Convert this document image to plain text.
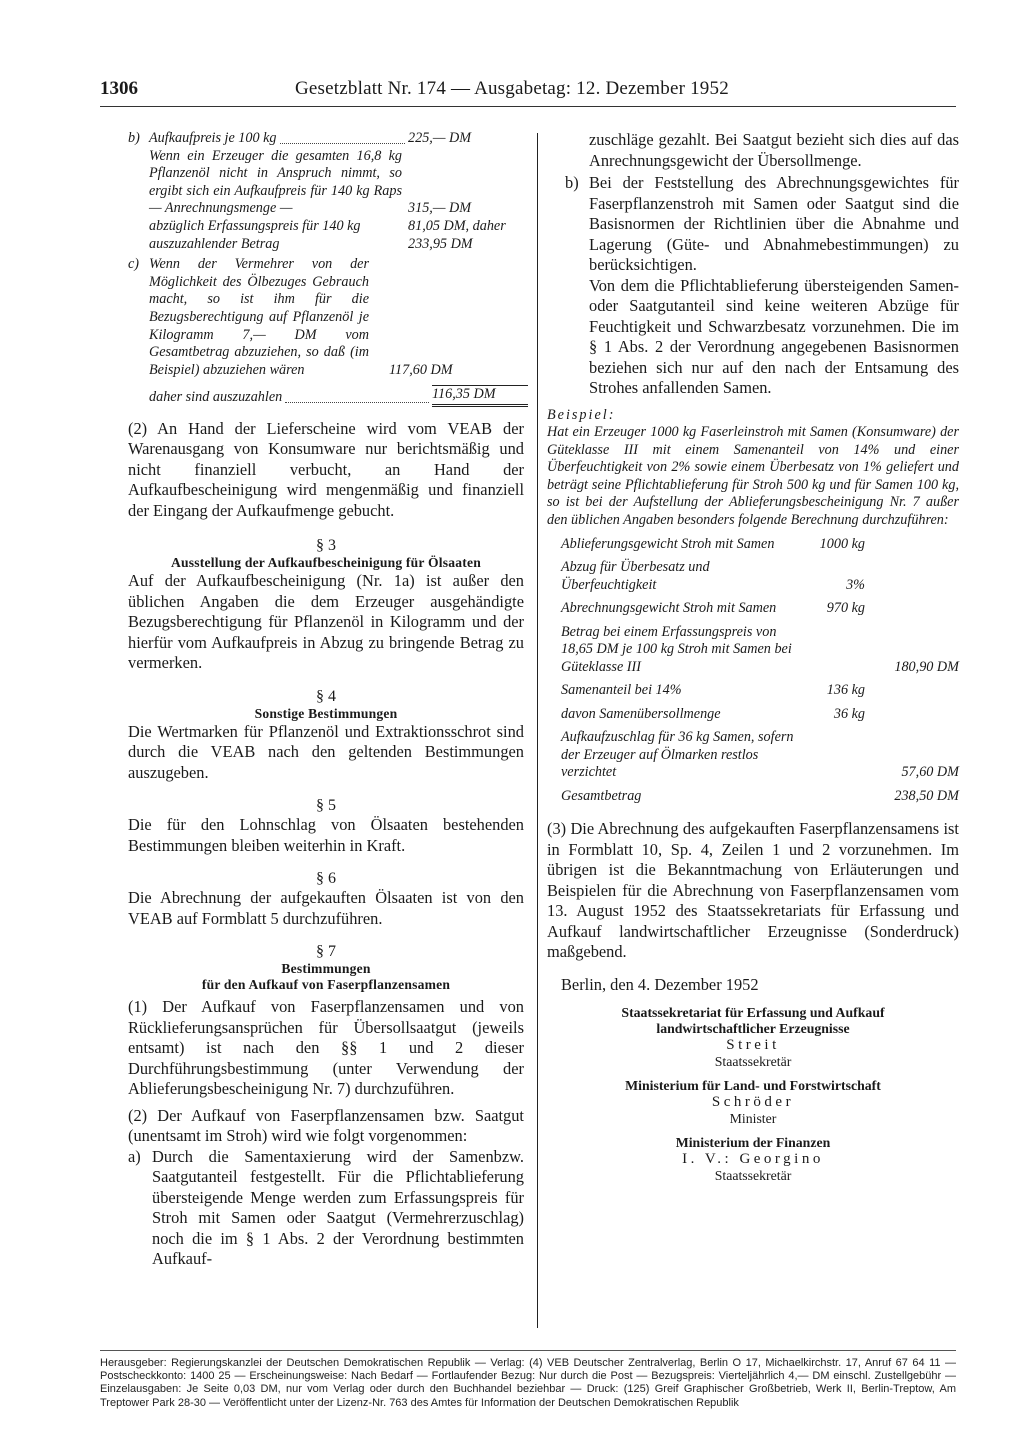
1306	Gesetzblatt Nr. 174 — Ausgabetag: 12. Dezember 1952
b) Aufkaufpreis je 100 kg	225,— DM
Wenn ein Erzeuger die gesamten 16,8 kg Pflanzenöl nicht in Anspruch nimmt, so ergibt sich ein Aufkaufpreis für 140 kg Raps — Anrechnungsmenge —	315,— DM
abzüglich Erfassungspreis für 140 kg	81,05 DM, daher
auszuzahlender Betrag	233,95 DM
c) Wenn der Vermehrer von der Möglichkeit des Ölbezuges Gebrauch macht, so ist ihm für die Bezugsberechtigung auf Pflanzenöl je Kilogramm 7,— DM vom Gesamtbetrag abzuziehen, so daß (im Beispiel) abzuziehen wären	117,60 DM
daher sind auszuzahlen	116,35 DM

(2) An Hand der Lieferscheine wird vom VEAB der Warenausgang von Konsumware nur berichtsmäßig und nicht finanziell verbucht, an Hand der Aufkaufbescheinigung wird mengenmäßig und finanziell der Eingang der Aufkaufmenge gebucht.

§ 3

Ausstellung der Aufkaufbescheinigung für Ölsaaten

Auf der Aufkaufbescheinigung (Nr. 1a) ist außer den üblichen Angaben die dem Erzeuger ausgehändigte Bezugsberechtigung für Pflanzenöl in Kilogramm und der hierfür vom Aufkaufpreis in Abzug zu bringende Betrag zu vermerken.

§ 4

Sonstige Bestimmungen

Die Wertmarken für Pflanzenöl und Extraktionsschrot sind durch die VEAB nach den geltenden Bestimmungen auszugeben.

§ 5

Die für den Lohnschlag von Ölsaaten bestehenden Bestimmungen bleiben weiterhin in Kraft.

§ 6

Die Abrechnung der aufgekauften Ölsaaten ist von den VEAB auf Formblatt 5 durchzuführen.

§ 7

Bestimmungen

für den Aufkauf von Faserpflanzensamen

(1) Der Aufkauf von Faserpflanzensamen und von Rücklieferungsansprüchen für Übersollsaatgut (jeweils entsamt) ist nach den §§ 1 und 2 dieser Durchführungsbestimmung (unter Verwendung der Ablieferungsbescheinigung Nr. 7) durchzuführen.

(2) Der Aufkauf von Faserpflanzensamen bzw. Saatgut (unentsamt im Stroh) wird wie folgt vorgenommen:

a) Durch die Samentaxierung wird der Samenbzw. Saatgutanteil festgestellt. Für die Pflichtablieferung übersteigende Menge werden zum Erfassungspreis für Stroh mit Samen oder Saatgut (Vermehrerzuschlag) noch die im § 1 Abs. 2 der Verordnung bestimmten Aufkauf-

zuschläge gezahlt. Bei Saatgut bezieht sich dies auf das Anrechnungsgewicht der Übersollmenge.

b) Bei der Feststellung des Abrechnungsgewichtes für Faserpflanzenstroh mit Samen oder Saatgut sind die Basisnormen der Richtlinien über die Abnahme und Lagerung (Güte- und Abnahmebestimmungen) zu berücksichtigen.

Von dem die Pflichtablieferung übersteigenden Samen- oder Saatgutanteil sind keine weiteren Abzüge für Feuchtigkeit und Schwarzbesatz vorzunehmen. Die im § 1 Abs. 2 der Verordnung angegebenen Basisnormen beziehen sich nur auf den nach der Entsamung des Strohes anfallenden Samen.

Beispiel:

Hat ein Erzeuger 1000 kg Faserleinstroh mit Samen (Konsumware) der Güteklasse III mit einem Samenanteil von 14% und einer Überfeuchtigkeit von 2% sowie einem Überbesatz von 1% geliefert und beträgt seine Pflichtablieferung für Stroh 500 kg und für Samen 100 kg, so ist bei der Aufstellung der Ablieferungsbescheinigung Nr. 7 außer den üblichen Angaben besonders folgende Berechnung durchzuführen:

Ablieferungsgewicht Stroh mit Samen	1000 kg
Abzug für Überbesatz und Überfeuchtigkeit	3%
Abrechnungsgewicht Stroh mit Samen	970 kg
Betrag bei einem Erfassungspreis von 18,65 DM je 100 kg Stroh mit Samen bei Güteklasse III	180,90 DM
Samenanteil bei 14%	136 kg
davon Samenübersollmenge	36 kg
Aufkaufzuschlag für 36 kg Samen, sofern der Erzeuger auf Ölmarken restlos verzichtet	57,60 DM
Gesamtbetrag	238,50 DM

(3) Die Abrechnung des aufgekauften Faserpflanzensamens ist in Formblatt 10, Sp. 4, Zeilen 1 und 2 vorzunehmen. Im übrigen ist die Bekanntmachung von Erläuterungen und Beispielen für die Abrechnung von Faserpflanzensamen vom 13. August 1952 des Staatssekretariats für Erfassung und Aufkauf landwirtschaftlicher Erzeugnisse (Sonderdruck) maßgebend.

Berlin, den 4. Dezember 1952

Staatssekretariat für Erfassung und Aufkauf
landwirtschaftlicher Erzeugnisse
Streit
Staatssekretär
Ministerium für Land- und Forstwirtschaft
Schröder
Minister
Ministerium der Finanzen
I. V.: Georgino
Staatssekretär

Herausgeber: Regierungskanzlei der Deutschen Demokratischen Republik — Verlag: (4) VEB Deutscher Zentralverlag, Berlin O 17, Michaelkirchstr. 17, Anruf 67 64 11 — Postscheckkonto: 1400 25 — Erscheinungsweise: Nach Bedarf — Fortlaufender Bezug: Nur durch die Post — Bezugspreis: Vierteljährlich 4,— DM einschl. Zustellgebühr — Einzelausgaben: Je Seite 0,03 DM, nur vom Verlag oder durch den Buchhandel beziehbar — Druck: (125) Greif Graphischer Großbetrieb, Werk II, Berlin-Treptow, Am Treptower Park 28-30 — Veröffentlicht unter der Lizenz-Nr. 763 des Amtes für Information der Deutschen Demokratischen Republik
